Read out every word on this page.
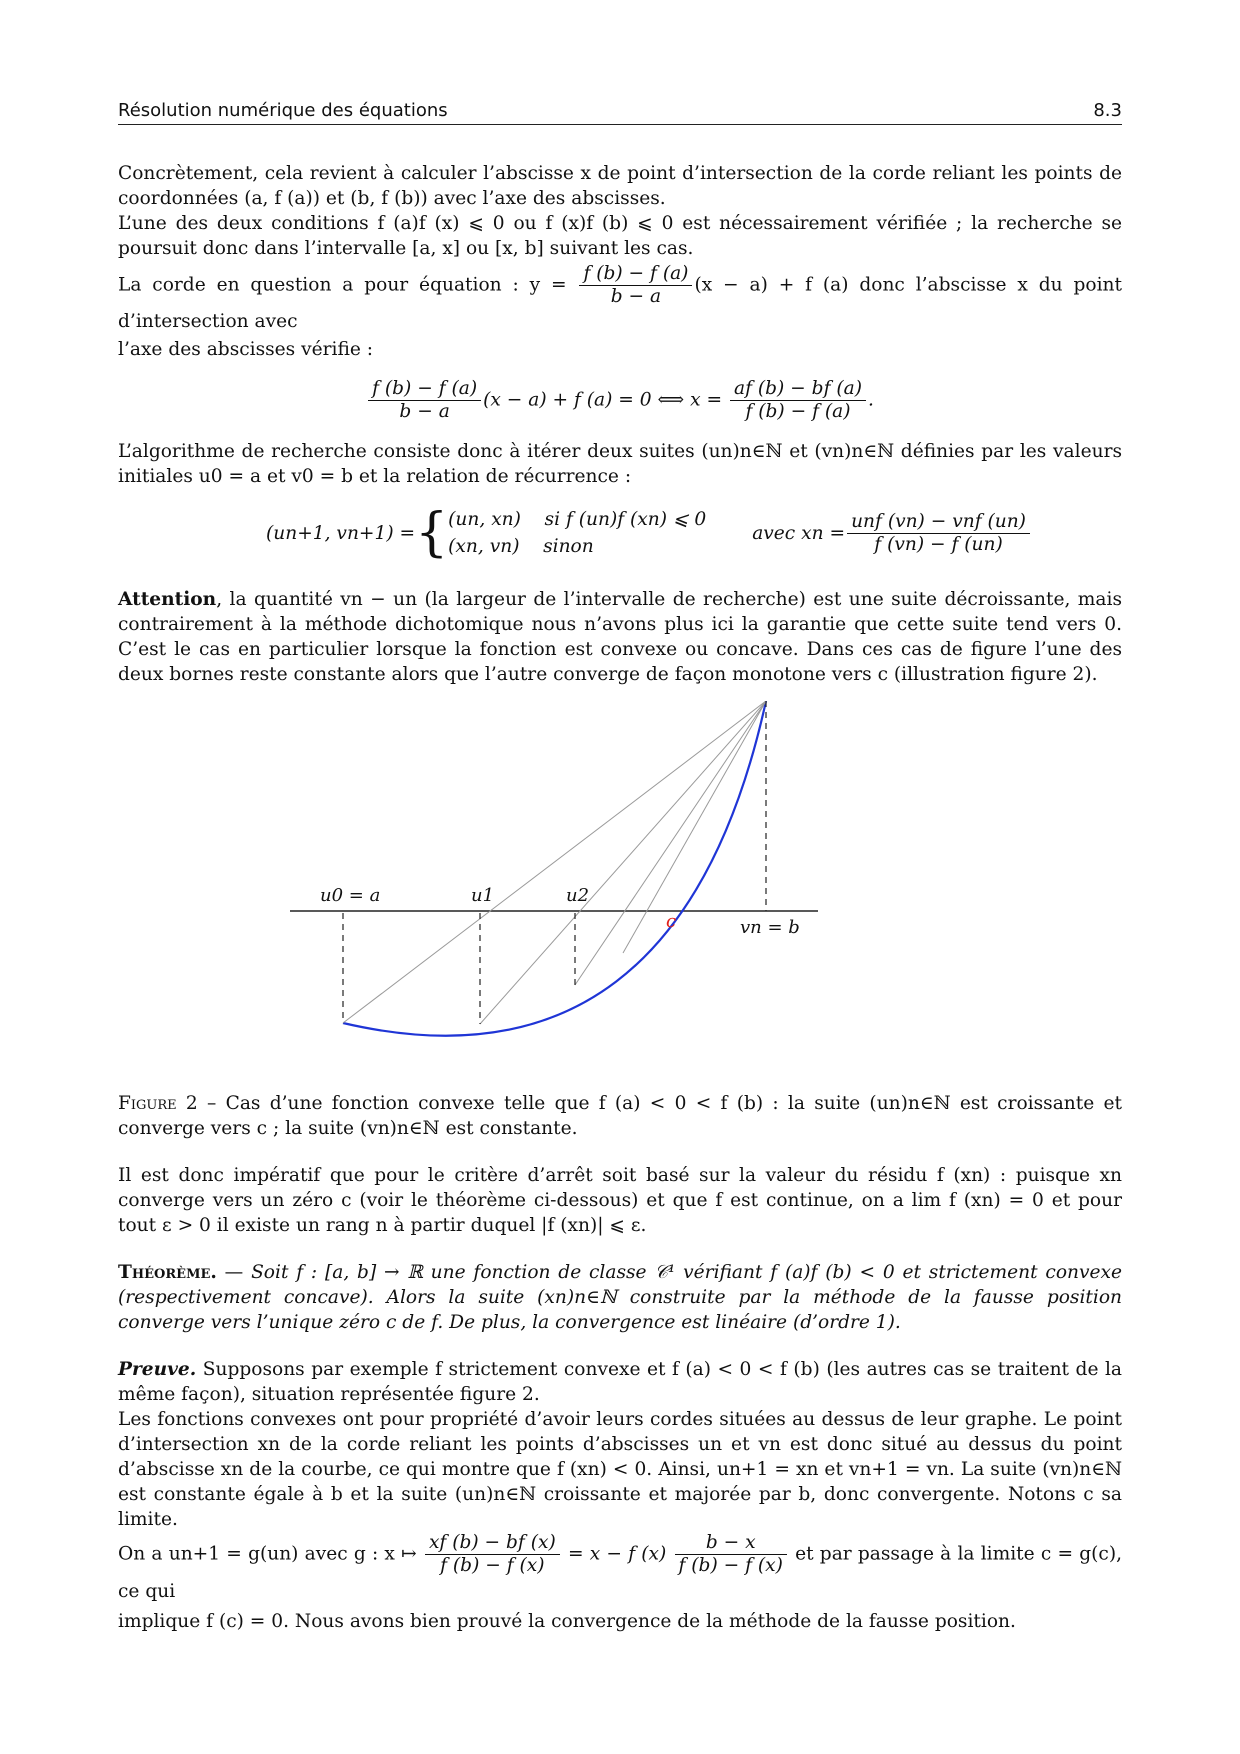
Résolution numérique des équations	8.3

Concrètement, cela revient à calculer l’abscisse x de point d’intersection de la corde reliant les points de coordonnées (a, f (a)) et (b, f (b)) avec l’axe des abscisses.

L’une des deux conditions f (a)f (x) ⩽ 0 ou f (x)f (b) ⩽ 0 est nécessairement vérifiée ; la recherche se poursuit donc dans l’intervalle [a, x] ou [x, b] suivant les cas.

La corde en question a pour équation : $y = \frac{f (b) - f (a)}{b - a} (x - a) + f$ (a) donc l’abscisse x du point d’intersection avec
l’axe des abscisses vérifie :

$\frac{f (b) - f (a)}{b - a} (x - a) + f$ (a) = 0 ⟺ $x = \frac{af (b) - bf (a)}{f (b) - f (a)}$ .

L’algorithme de recherche consiste donc à itérer deux suites (un)n∈ℕ et (vn)n∈ℕ définies par les valeurs initiales u0 = a et v0 = b et la relation de récurrence :

(un+1, vn+1) = { (un, xn)    si f (un)f (xn) ⩽ 0
(xn, vn)    sinon
avec xn = $\frac{\text{unf (vn) − vnf (un)}}{f (vn) - f (un)}$

Attention, la quantité vn − un (la largeur de l’intervalle de recherche) est une suite décroissante, mais contrairement à la méthode dichotomique nous n’avons plus ici la garantie que cette suite tend vers 0. C’est le cas en particulier lorsque la fonction est convexe ou concave. Dans ces cas de figure l’une des deux bornes reste constante alors que l’autre converge de façon monotone vers c (illustration figure 2).

u0 = a	u1	u2
c	vn = b

Figure 2 – Cas d’une fonction convexe telle que f (a) < 0 < f (b) : la suite (un)n∈ℕ est croissante et converge vers c ; la suite (vn)n∈ℕ est constante.

Il est donc impératif que pour le critère d’arrêt soit basé sur la valeur du résidu f (xn) : puisque xn converge vers un zéro c (voir le théorème ci-dessous) et que f est continue, on a lim f (xn) = 0 et pour tout ε > 0 il existe un rang n à partir duquel |f (xn)| ⩽ ε.

Théorème. — Soit f : [a, b] → ℝ une fonction de classe 𝒞¹ vérifiant f (a)f (b) < 0 et strictement convexe (respectivement concave). Alors la suite (xn)n∈ℕ construite par la méthode de la fausse position converge vers l’unique zéro c de f. De plus, la convergence est linéaire (d’ordre 1).

Preuve. Supposons par exemple f strictement convexe et f (a) < 0 < f (b) (les autres cas se traitent de la même façon), situation représentée figure 2.

Les fonctions convexes ont pour propriété d’avoir leurs cordes situées au dessus de leur graphe. Le point d’intersection xn de la corde reliant les points d’abscisses un et vn est donc situé au dessus du point d’abscisse xn de la courbe, ce qui montre que f (xn) < 0. Ainsi, un+1 = xn et vn+1 = vn. La suite (vn)n∈ℕ est constante égale à b et la suite (un)n∈ℕ croissante et majorée par b, donc convergente. Notons c sa limite.

On a un+1 = g(un) avec g : x ↦ $\frac{xf (b) - bf (x)}{f (b) - f (x)} = x - f$ $(x) \frac{b - x}{f (b) - f (x)}$ et par passage à la limite c = g(c), ce qui
implique f (c) = 0. Nous avons bien prouvé la convergence de la méthode de la fausse position.
